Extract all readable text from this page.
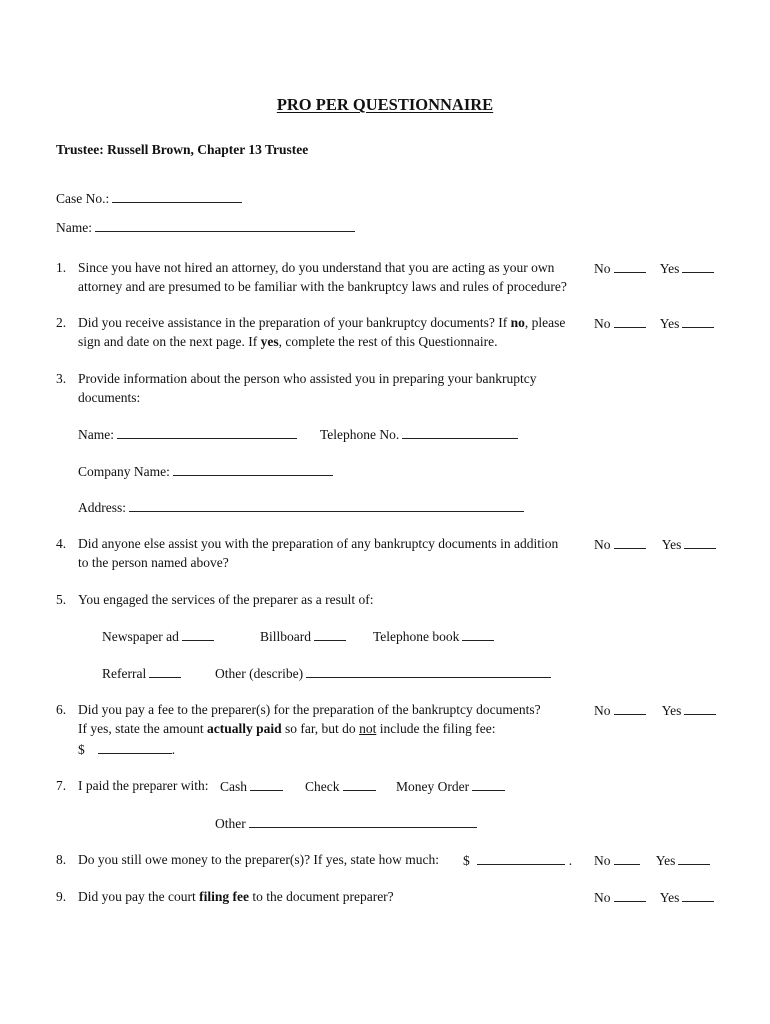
PRO PER QUESTIONNAIRE
Trustee: Russell Brown, Chapter 13 Trustee
Case No.:
Name:
1. Since you have not hired an attorney, do you understand that you are acting as your own
attorney and are presumed to be familiar with the bankruptcy laws and rules of procedure?
No	Yes
2. Did you receive assistance in the preparation of your bankruptcy documents? If no, please
sign and date on the next page. If yes, complete the rest of this Questionnaire.
No	Yes
3. Provide information about the person who assisted you in preparing your bankruptcy
documents:
Name:	Telephone No.
Company Name:
Address:
4. Did anyone else assist you with the preparation of any bankruptcy documents in addition
to the person named above?
No	Yes
5. You engaged the services of the preparer as a result of:
Newspaper ad	Billboard	Telephone book
Referral	Other (describe)
6. Did you pay a fee to the preparer(s) for the preparation of the bankruptcy documents?
If yes, state the amount actually paid so far, but do not include the filing fee:
$	.
No	Yes
7. I paid the preparer with: Cash	Check	Money Order
Other
8. Do you still owe money to the preparer(s)? If yes, state how much: $	. No	Yes
9. Did you pay the court filing fee to the document preparer?	No	Yes
